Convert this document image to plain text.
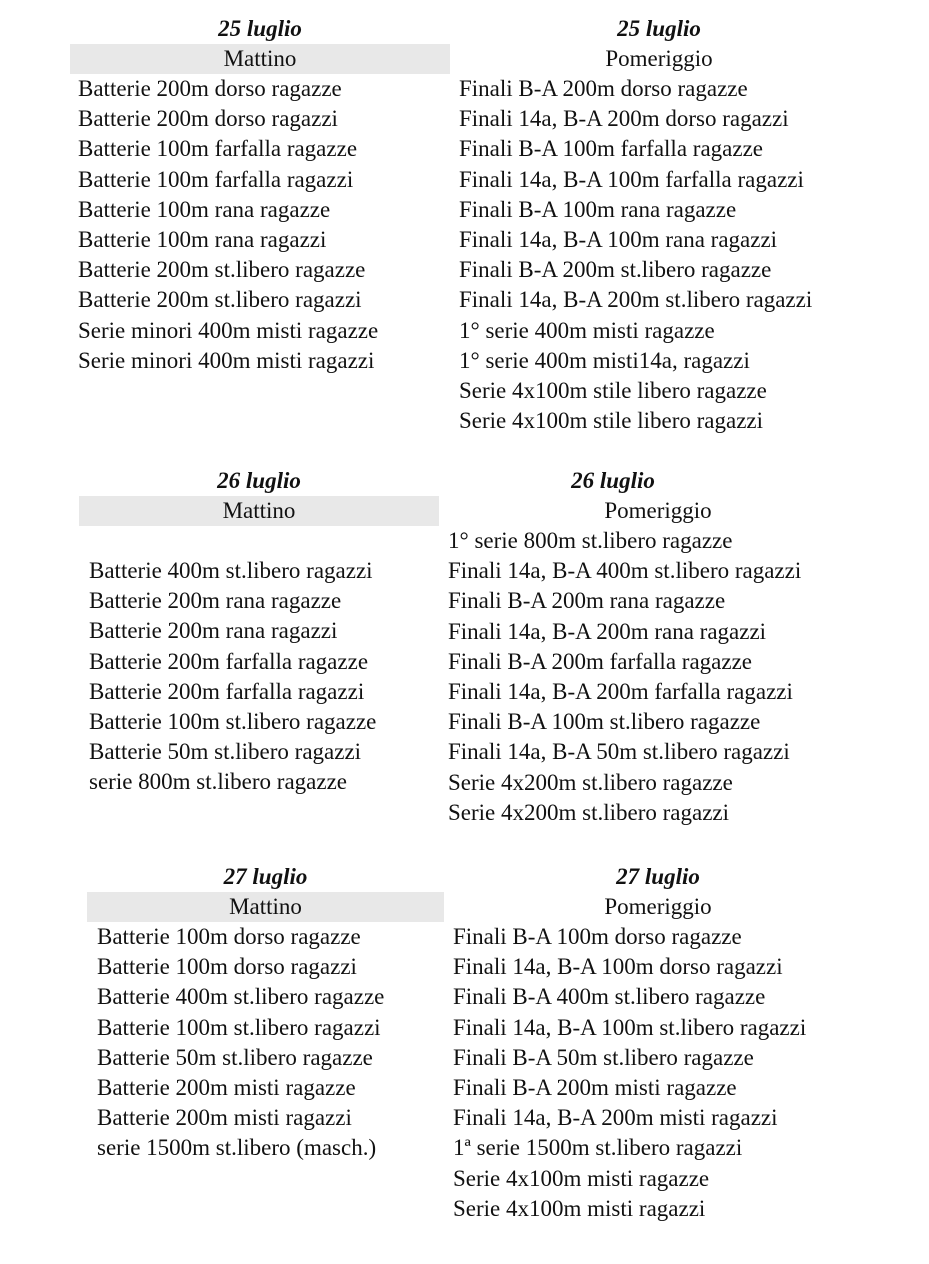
25 luglio
Mattino
Batterie 200m dorso ragazze
Batterie 200m dorso ragazzi
Batterie 100m farfalla ragazze
Batterie 100m farfalla ragazzi
Batterie 100m rana ragazze
Batterie 100m rana ragazzi
Batterie 200m st.libero ragazze
Batterie 200m st.libero ragazzi
Serie minori 400m misti ragazze
Serie minori 400m misti ragazzi
25 luglio
Pomeriggio
Finali B-A 200m dorso ragazze
Finali 14a, B-A 200m dorso ragazzi
Finali B-A 100m farfalla ragazze
Finali 14a, B-A 100m farfalla ragazzi
Finali B-A 100m rana ragazze
Finali 14a, B-A 100m rana ragazzi
Finali B-A 200m st.libero ragazze
Finali 14a, B-A 200m st.libero ragazzi
1° serie 400m misti ragazze
1° serie 400m misti14a, ragazzi
Serie 4x100m stile libero ragazze
Serie 4x100m stile libero ragazzi
26 luglio
Mattino
Batterie 400m st.libero ragazzi
Batterie 200m rana ragazze
Batterie 200m rana ragazzi
Batterie 200m farfalla ragazze
Batterie 200m farfalla ragazzi
Batterie 100m st.libero ragazze
Batterie 50m st.libero ragazzi
serie 800m st.libero ragazze
26 luglio
Pomeriggio
1° serie 800m st.libero ragazze
Finali 14a, B-A 400m st.libero ragazzi
Finali B-A 200m rana ragazze
Finali 14a, B-A 200m rana ragazzi
Finali B-A 200m farfalla ragazze
Finali 14a, B-A 200m farfalla ragazzi
Finali B-A 100m st.libero ragazze
Finali 14a, B-A 50m st.libero ragazzi
Serie 4x200m st.libero ragazze
Serie 4x200m st.libero ragazzi
27 luglio
Mattino
Batterie 100m dorso ragazze
Batterie 100m dorso ragazzi
Batterie 400m st.libero ragazze
Batterie 100m st.libero ragazzi
Batterie 50m st.libero ragazze
Batterie 200m misti ragazze
Batterie 200m misti ragazzi
serie 1500m st.libero (masch.)
27 luglio
Pomeriggio
Finali B-A 100m dorso ragazze
Finali 14a, B-A 100m dorso ragazzi
Finali B-A 400m st.libero ragazze
Finali 14a, B-A 100m st.libero ragazzi
Finali B-A 50m st.libero ragazze
Finali B-A 200m misti ragazze
Finali 14a, B-A 200m misti ragazzi
1ª serie 1500m st.libero ragazzi
Serie 4x100m misti ragazze
Serie 4x100m misti ragazzi
